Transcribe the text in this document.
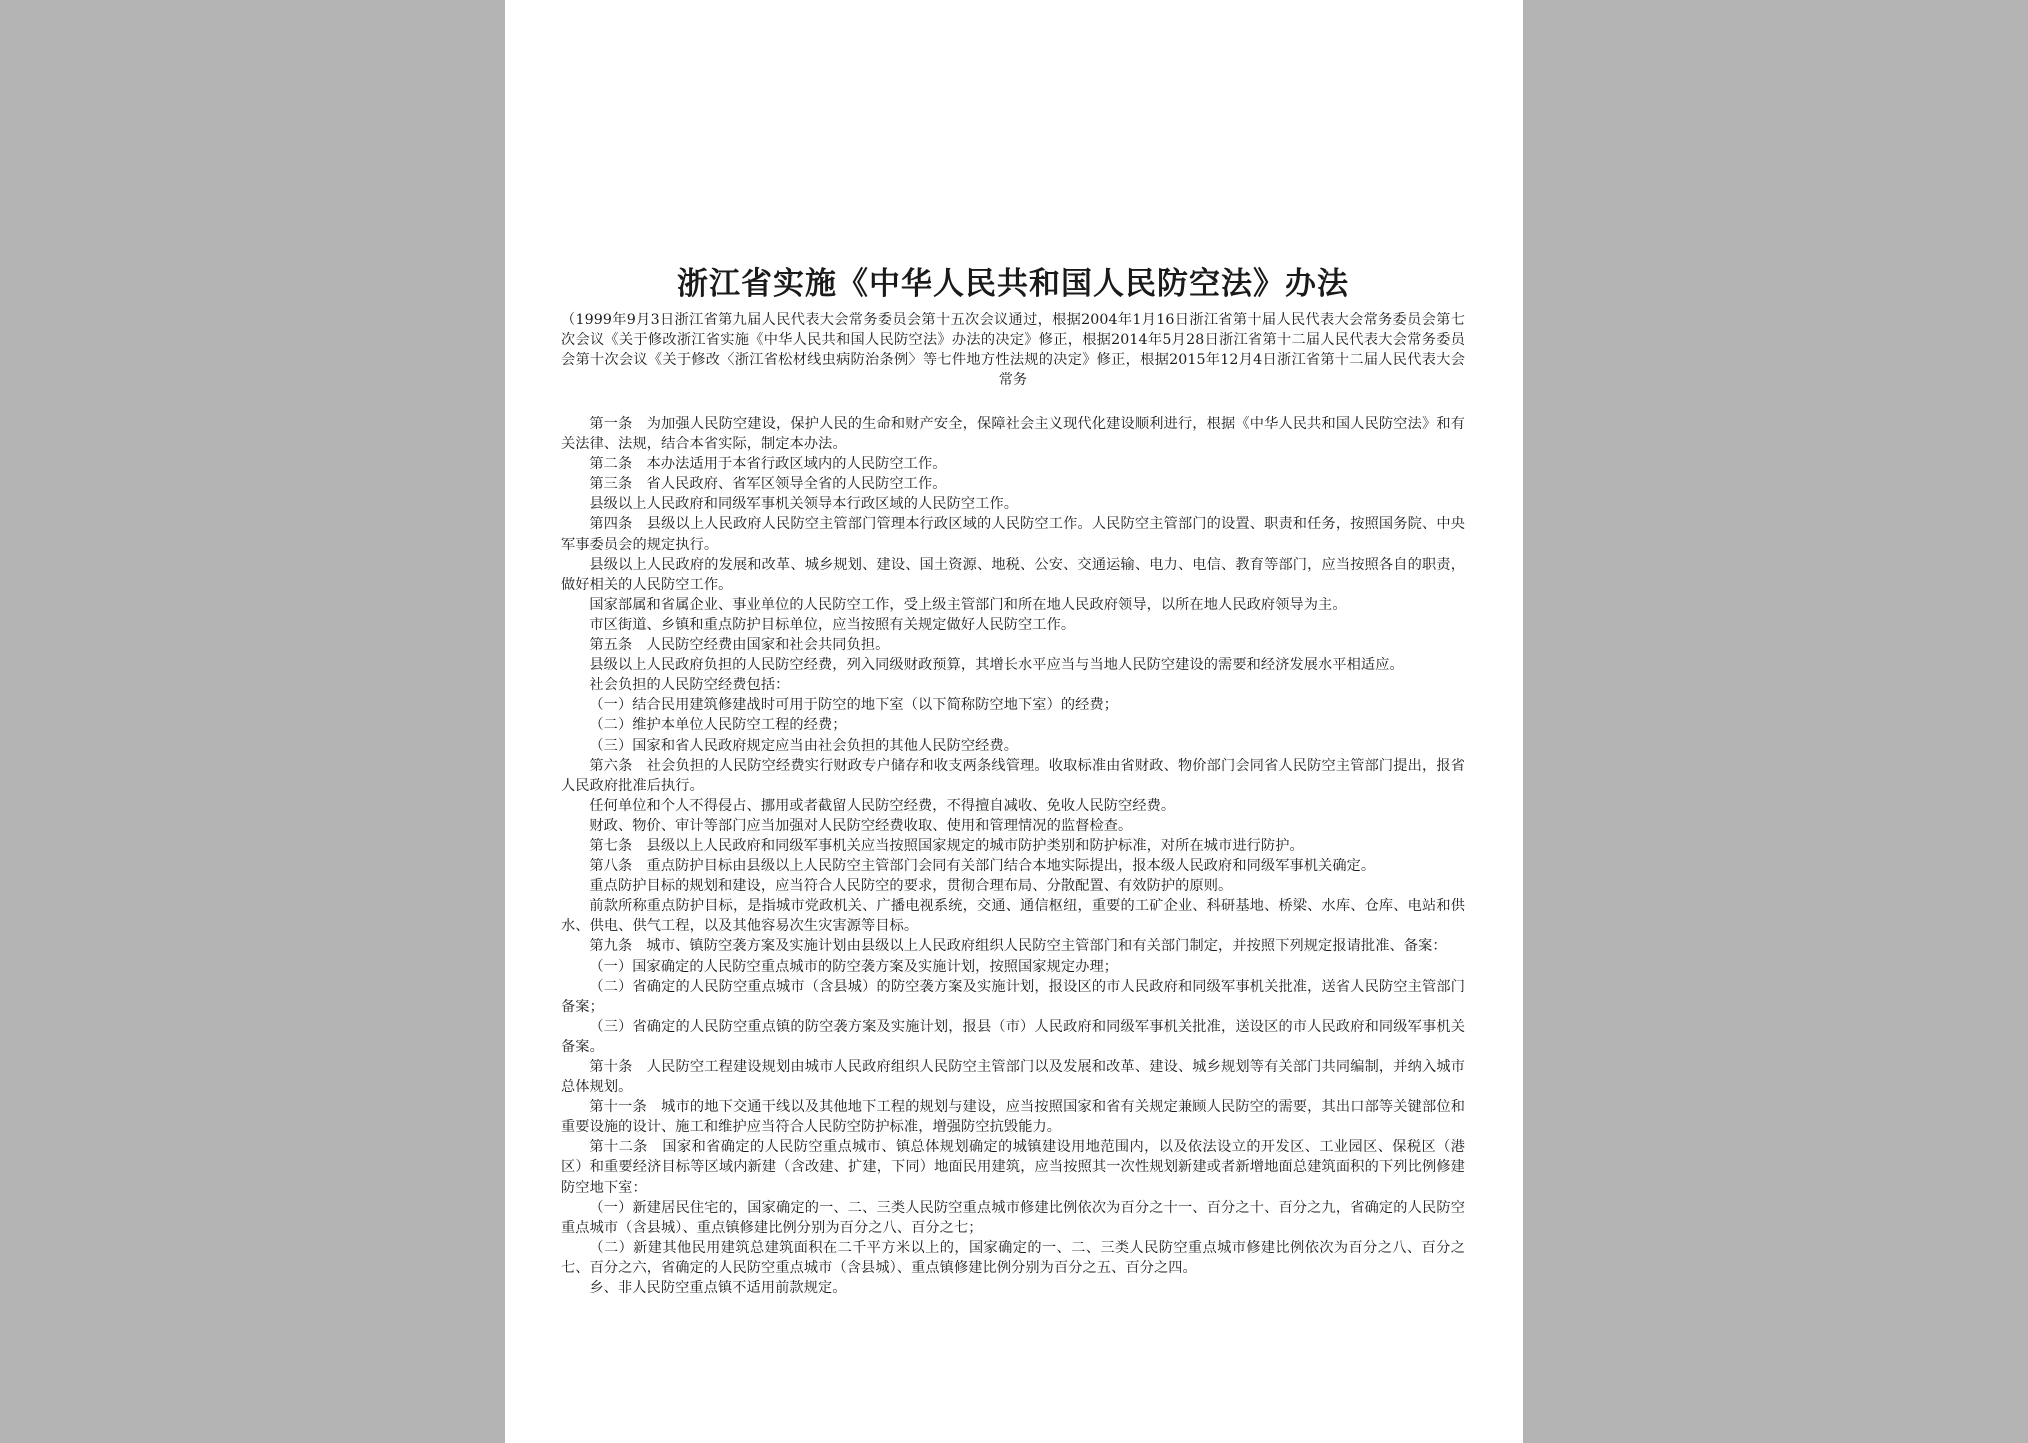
浙江省实施《中华人民共和国人民防空法》办法
（1999年9月3日浙江省第九届人民代表大会常务委员会第十五次会议通过，根据2004年1月16日浙江省第十届人民代表大会常务委员会第七次会议《关于修改浙江省实施《中华人民共和国人民防空法》办法的决定》修正，根据2014年5月28日浙江省第十二届人民代表大会常务委员会第十次会议《关于修改〈浙江省松材线虫病防治条例〉等七件地方性法规的决定》修正，根据2015年12月4日浙江省第十二届人民代表大会常务

第一条　为加强人民防空建设，保护人民的生命和财产安全，保障社会主义现代化建设顺利进行，根据《中华人民共和国人民防空法》和有关法律、法规，结合本省实际，制定本办法。

第二条　本办法适用于本省行政区域内的人民防空工作。

第三条　省人民政府、省军区领导全省的人民防空工作。

县级以上人民政府和同级军事机关领导本行政区域的人民防空工作。

第四条　县级以上人民政府人民防空主管部门管理本行政区域的人民防空工作。人民防空主管部门的设置、职责和任务，按照国务院、中央军事委员会的规定执行。

县级以上人民政府的发展和改革、城乡规划、建设、国土资源、地税、公安、交通运输、电力、电信、教育等部门，应当按照各自的职责，做好相关的人民防空工作。

国家部属和省属企业、事业单位的人民防空工作，受上级主管部门和所在地人民政府领导，以所在地人民政府领导为主。

市区街道、乡镇和重点防护目标单位，应当按照有关规定做好人民防空工作。

第五条　人民防空经费由国家和社会共同负担。

县级以上人民政府负担的人民防空经费，列入同级财政预算，其增长水平应当与当地人民防空建设的需要和经济发展水平相适应。

社会负担的人民防空经费包括：

（一）结合民用建筑修建战时可用于防空的地下室（以下简称防空地下室）的经费；

（二）维护本单位人民防空工程的经费；

（三）国家和省人民政府规定应当由社会负担的其他人民防空经费。

第六条　社会负担的人民防空经费实行财政专户储存和收支两条线管理。收取标准由省财政、物价部门会同省人民防空主管部门提出，报省人民政府批准后执行。

任何单位和个人不得侵占、挪用或者截留人民防空经费，不得擅自减收、免收人民防空经费。

财政、物价、审计等部门应当加强对人民防空经费收取、使用和管理情况的监督检查。

第七条　县级以上人民政府和同级军事机关应当按照国家规定的城市防护类别和防护标准，对所在城市进行防护。

第八条　重点防护目标由县级以上人民防空主管部门会同有关部门结合本地实际提出，报本级人民政府和同级军事机关确定。

重点防护目标的规划和建设，应当符合人民防空的要求，贯彻合理布局、分散配置、有效防护的原则。

前款所称重点防护目标，是指城市党政机关、广播电视系统，交通、通信枢纽，重要的工矿企业、科研基地、桥梁、水库、仓库、电站和供水、供电、供气工程，以及其他容易次生灾害源等目标。

第九条　城市、镇防空袭方案及实施计划由县级以上人民政府组织人民防空主管部门和有关部门制定，并按照下列规定报请批准、备案：

（一）国家确定的人民防空重点城市的防空袭方案及实施计划，按照国家规定办理；

（二）省确定的人民防空重点城市（含县城）的防空袭方案及实施计划，报设区的市人民政府和同级军事机关批准，送省人民防空主管部门备案；

（三）省确定的人民防空重点镇的防空袭方案及实施计划，报县（市）人民政府和同级军事机关批准，送设区的市人民政府和同级军事机关备案。

第十条　人民防空工程建设规划由城市人民政府组织人民防空主管部门以及发展和改革、建设、城乡规划等有关部门共同编制，并纳入城市总体规划。

第十一条　城市的地下交通干线以及其他地下工程的规划与建设，应当按照国家和省有关规定兼顾人民防空的需要，其出口部等关键部位和重要设施的设计、施工和维护应当符合人民防空防护标准，增强防空抗毁能力。

第十二条　国家和省确定的人民防空重点城市、镇总体规划确定的城镇建设用地范围内，以及依法设立的开发区、工业园区、保税区（港区）和重要经济目标等区域内新建（含改建、扩建，下同）地面民用建筑，应当按照其一次性规划新建或者新增地面总建筑面积的下列比例修建防空地下室：

（一）新建居民住宅的，国家确定的一、二、三类人民防空重点城市修建比例依次为百分之十一、百分之十、百分之九，省确定的人民防空重点城市（含县城）、重点镇修建比例分别为百分之八、百分之七；

（二）新建其他民用建筑总建筑面积在二千平方米以上的，国家确定的一、二、三类人民防空重点城市修建比例依次为百分之八、百分之七、百分之六，省确定的人民防空重点城市（含县城）、重点镇修建比例分别为百分之五、百分之四。

乡、非人民防空重点镇不适用前款规定。
